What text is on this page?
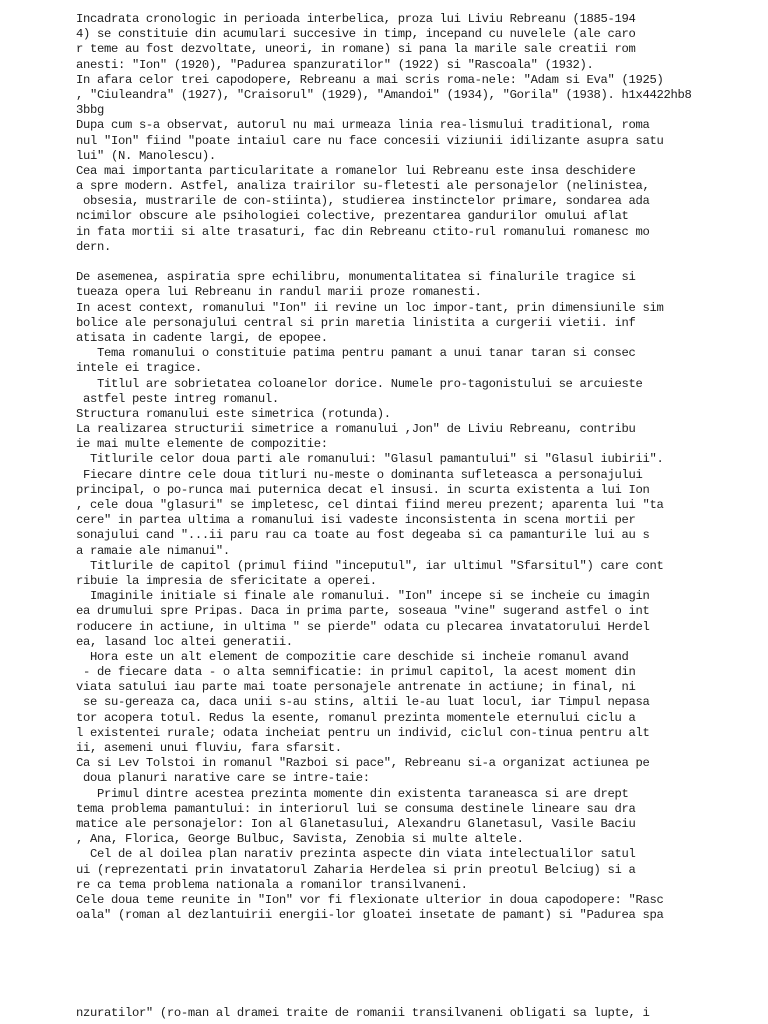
Incadrata cronologic in perioada interbelica, proza lui Liviu Rebreanu (1885-194
4) se constituie din acumulari succesive in timp, incepand cu nuvelele (ale caro
r teme au fost dezvoltate, uneori, in romane) si pana la marile sale creatii rom
anesti: "Ion" (1920), "Padurea spanzuratilor" (1922) si "Rascoala" (1932).
In afara celor trei capodopere, Rebreanu a mai scris roma-nele: "Adam si Eva" (1925)
, "Ciuleandra" (1927), "Craisorul" (1929), "Amandoi" (1934), "Gorila" (1938). h1x4422hb8
3bbg
Dupa cum s-a observat, autorul nu mai urmeaza linia rea-lismului traditional, roma
nul "Ion" fiind "poate intaiul care nu face concesii viziunii idilizante asupra satu
lui" (N. Manolescu).
Cea mai importanta particularitate a romanelor lui Rebreanu este insa deschidere
a spre modern. Astfel, analiza trairilor su-fletesti ale personajelor (nelinistea,
obsesia, mustrarile de con-stiinta), studierea instinctelor primare, sondarea ada
ncimilor obscure ale psihologiei colective, prezentarea gandurilor omului aflat
in fata mortii si alte trasaturi, fac din Rebreanu ctito-rul romanului romanesc mo
dern.
De asemenea, aspiratia spre echilibru, monumentalitatea si finalurile tragice si
tueaza opera lui Rebreanu in randul marii proze romanesti.
In acest context, romanului "Ion" ii revine un loc impor-tant, prin dimensiunile sim
bolice ale personajului central si prin maretia linistita a curgerii vietii. inf
atisata in cadente largi, de epopee.
Tema romanului o constituie patima pentru pamant a unui tanar taran si consec
intele ei tragice.
Titlul are sobrietatea coloanelor dorice. Numele pro-tagonistului se arcuieste
astfel peste intreg romanul.
Structura romanului este simetrica (rotunda).
La realizarea structurii simetrice a romanului ,Jon" de Liviu Rebreanu, contribu
ie mai multe elemente de compozitie:
Titlurile celor doua parti ale romanului: "Glasul pamantului" si "Glasul iubirii".
Fiecare dintre cele doua titluri nu-meste o dominanta sufleteasca a personajului
principal, o po-runca mai puternica decat el insusi. in scurta existenta a lui Ion
, cele doua "glasuri" se impletesc, cel dintai fiind mereu prezent; aparenta lui "ta
cere" in partea ultima a romanului isi vadeste inconsistenta in scena mortii per
sonajului cand "...ii paru rau ca toate au fost degeaba si ca pamanturile lui au s
a ramaie ale nimanui".
Titlurile de capitol (primul fiind "inceputul", iar ultimul "Sfarsitul") care cont
ribuie la impresia de sfericitate a operei.
Imaginile initiale si finale ale romanului. "Ion" incepe si se incheie cu imagin
ea drumului spre Pripas. Daca in prima parte, soseaua "vine" sugerand astfel o int
roducere in actiune, in ultima " se pierde" odata cu plecarea invatatorului Herdel
ea, lasand loc altei generatii.
Hora este un alt element de compozitie care deschide si incheie romanul avand
- de fiecare data - o alta semnificatie: in primul capitol, la acest moment din
viata satului iau parte mai toate personajele antrenate in actiune; in final, ni
se su-gereaza ca, daca unii s-au stins, altii le-au luat locul, iar Timpul nepasa
tor acopera totul. Redus la esente, romanul prezinta momentele eternului ciclu a
l existentei rurale; odata incheiat pentru un individ, ciclul con-tinua pentru alt
ii, asemeni unui fluviu, fara sfarsit.
Ca si Lev Tolstoi in romanul "Razboi si pace", Rebreanu si-a organizat actiunea pe
doua planuri narative care se intre-taie:
Primul dintre acestea prezinta momente din existenta taraneasca si are drept
tema problema pamantului: in interiorul lui se consuma destinele lineare sau dra
matice ale personajelor: Ion al Glanetasului, Alexandru Glanetasul, Vasile Baciu
, Ana, Florica, George Bulbuc, Savista, Zenobia si multe altele.
Cel de al doilea plan narativ prezinta aspecte din viata intelectualilor satul
ui (reprezentati prin invatatorul Zaharia Herdelea si prin preotul Belciug) si a
re ca tema problema nationala a romanilor transilvaneni.
Cele doua teme reunite in "Ion" vor fi flexionate ulterior in doua capodopere: "Rasc
oala" (roman al dezlantuirii energii-lor gloatei insetate de pamant) si "Padurea spa
nzuratilor" (ro-man al dramei traite de romanii transilvaneni obligati sa lupte, i
